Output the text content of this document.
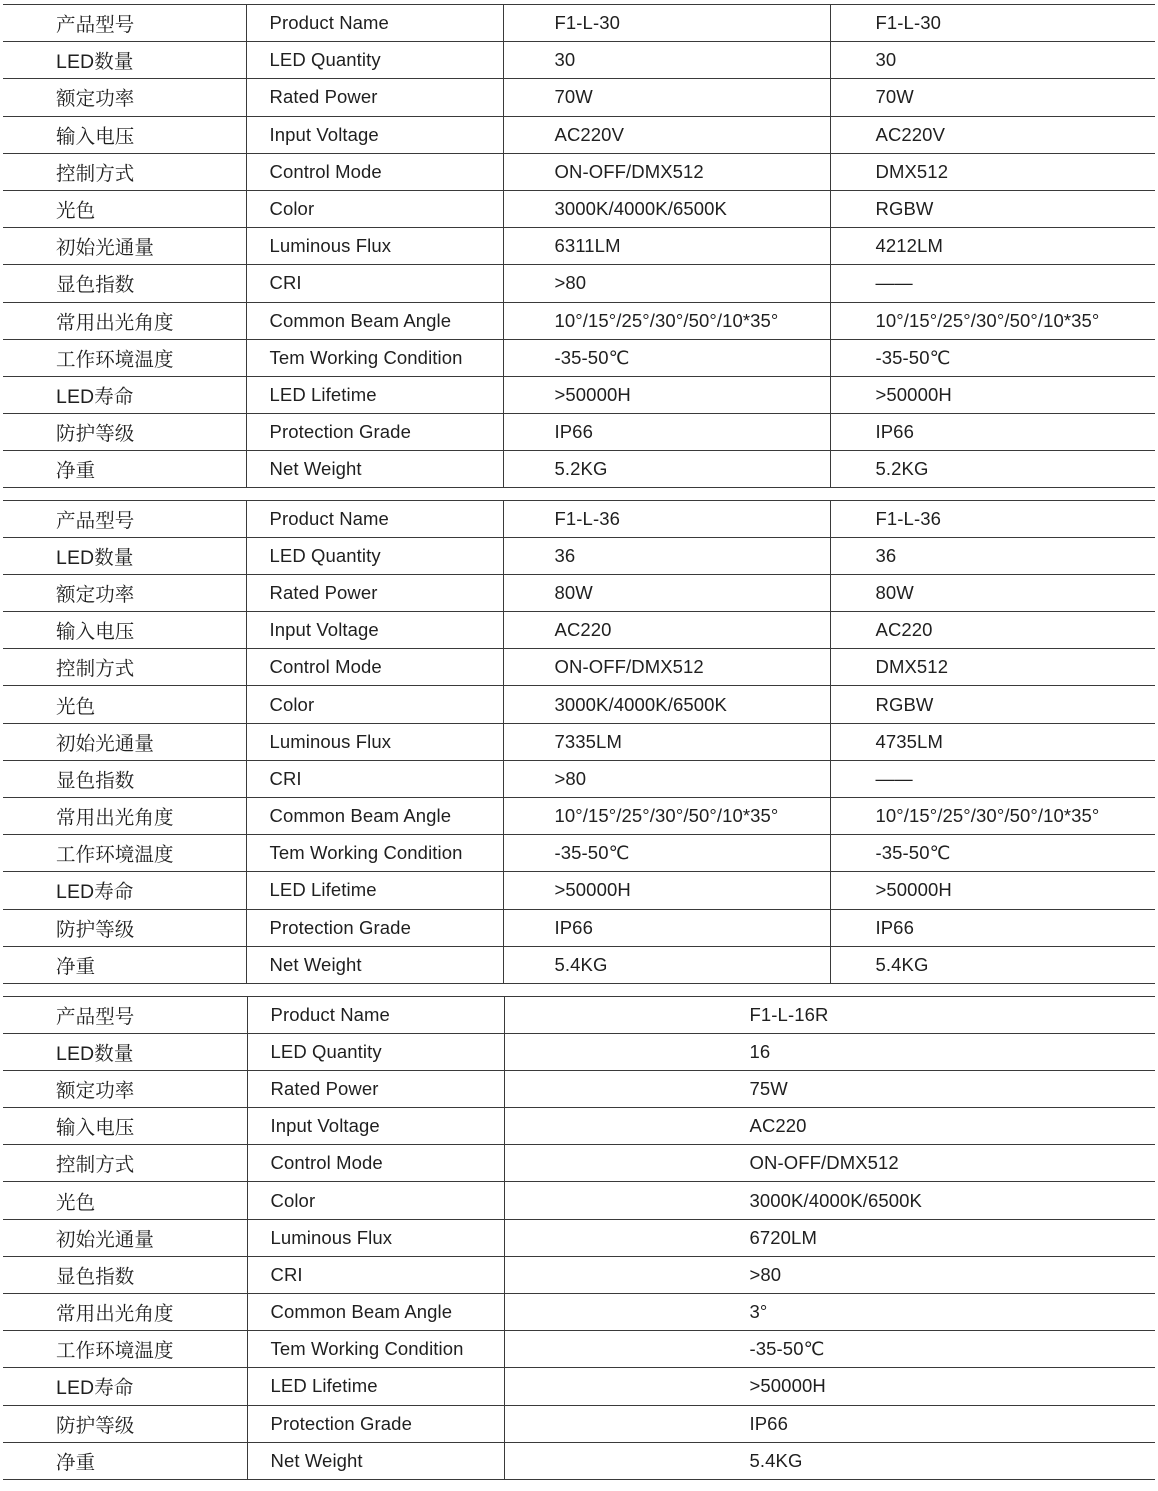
产品型号	Product Name	F1-L-30	F1-L-30
LED数量	LED Quantity	30	30
额定功率	Rated Power	70W	70W
输入电压	Input Voltage	AC220V	AC220V
控制方式	Control Mode	ON-OFF/DMX512	DMX512
光色	Color	3000K/4000K/6500K	RGBW
初始光通量	Luminous Flux	6311LM	4212LM
显色指数	CRI	>80	——
常用出光角度	Common Beam Angle	10°/15°/25°/30°/50°/10*35°	10°/15°/25°/30°/50°/10*35°
工作环境温度	Tem Working Condition	-35-50℃	-35-50℃
LED寿命	LED Lifetime	>50000H	>50000H
防护等级	Protection Grade	IP66	IP66
净重	Net Weight	5.2KG	5.2KG
产品型号	Product Name	F1-L-36	F1-L-36
LED数量	LED Quantity	36	36
额定功率	Rated Power	80W	80W
输入电压	Input Voltage	AC220	AC220
控制方式	Control Mode	ON-OFF/DMX512	DMX512
光色	Color	3000K/4000K/6500K	RGBW
初始光通量	Luminous Flux	7335LM	4735LM
显色指数	CRI	>80	——
常用出光角度	Common Beam Angle	10°/15°/25°/30°/50°/10*35°	10°/15°/25°/30°/50°/10*35°
工作环境温度	Tem Working Condition	-35-50℃	-35-50℃
LED寿命	LED Lifetime	>50000H	>50000H
防护等级	Protection Grade	IP66	IP66
净重	Net Weight	5.4KG	5.4KG
产品型号	Product Name	F1-L-16R
LED数量	LED Quantity	16
额定功率	Rated Power	75W
输入电压	Input Voltage	AC220
控制方式	Control Mode	ON-OFF/DMX512
光色	Color	3000K/4000K/6500K
初始光通量	Luminous Flux	6720LM
显色指数	CRI	>80
常用出光角度	Common Beam Angle	3°
工作环境温度	Tem Working Condition	-35-50℃
LED寿命	LED Lifetime	>50000H
防护等级	Protection Grade	IP66
净重	Net Weight	5.4KG
